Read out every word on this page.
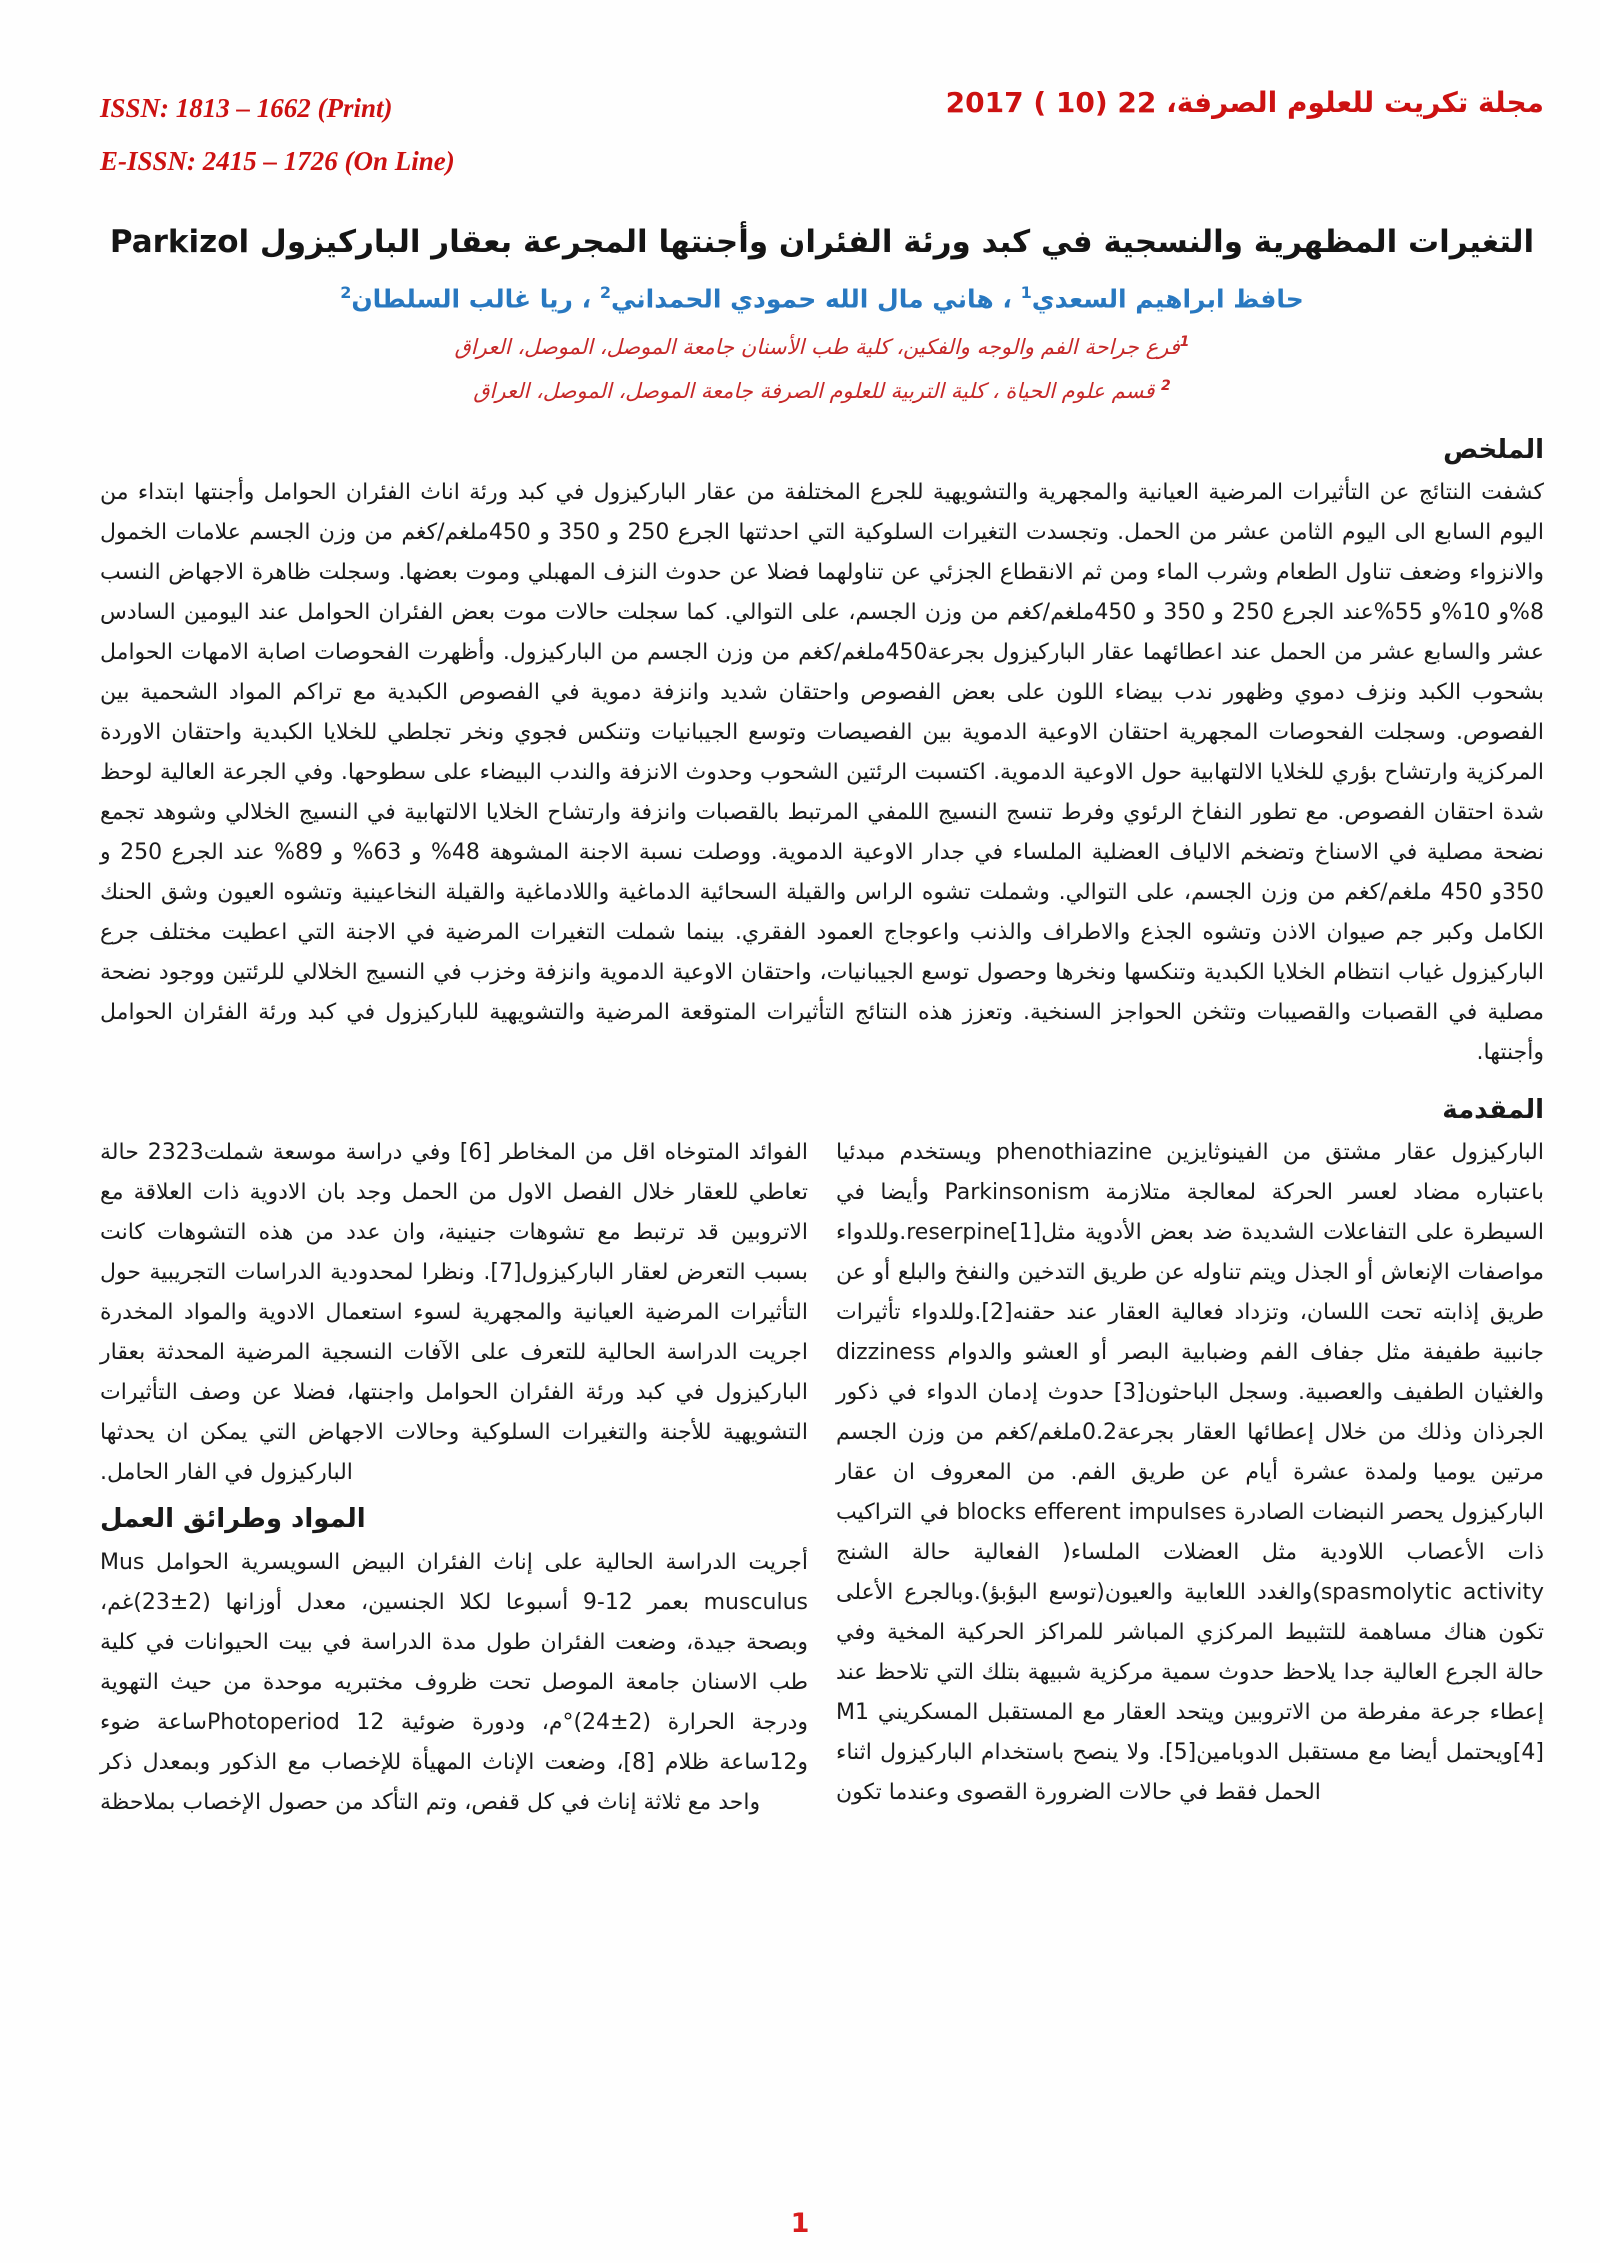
ISSN: 1813 – 1662 (Print)
E-ISSN: 2415 – 1726 (On Line)
مجلة تكريت للعلوم الصرفة، 22 (10 ) 2017
التغيرات المظهرية والنسجية في كبد ورئة الفئران وأجنتها المجرعة بعقار الباركيزول Parkizol
حافظ ابراهيم السعدي$^1$ ، هاني مال الله حمودي الحمداني$^2$ ، ريا غالب السلطان$^2$
$^1$فرع جراحة الفم والوجه والفكين، كلية طب الأسنان جامعة الموصل، الموصل، العراق
$^2$ قسم علوم الحياة ، كلية التربية للعلوم الصرفة جامعة الموصل، الموصل، العراق
الملخص

كشفت النتائج عن التأثيرات المرضية العيانية والمجهرية والتشويهية للجرع المختلفة من عقار الباركيزول في كبد ورئة اناث الفئران الحوامل وأجنتها ابتداء من اليوم السابع الى اليوم الثامن عشر من الحمل. وتجسدت التغيرات السلوكية التي احدثتها الجرع 250 و 350 و 450ملغم/كغم من وزن الجسم علامات الخمول والانزواء وضعف تناول الطعام وشرب الماء ومن ثم الانقطاع الجزئي عن تناولهما فضلا عن حدوث النزف المهبلي وموت بعضها. وسجلت ظاهرة الاجهاض النسب 8%و 10%و 55%عند الجرع 250 و 350 و 450ملغم/كغم من وزن الجسم، على التوالي. كما سجلت حالات موت بعض الفئران الحوامل عند اليومين السادس عشر والسابع عشر من الحمل عند اعطائهما عقار الباركيزول بجرعة450ملغم/كغم من وزن الجسم من الباركيزول. وأظهرت الفحوصات اصابة الامهات الحوامل بشحوب الكبد ونزف دموي وظهور ندب بيضاء اللون على بعض الفصوص واحتقان شديد وانزفة دموية في الفصوص الكبدية مع تراكم المواد الشحمية بين الفصوص. وسجلت الفحوصات المجهرية احتقان الاوعية الدموية بين الفصيصات وتوسع الجيبانيات وتنكس فجوي ونخر تجلطي للخلايا الكبدية واحتقان الاوردة المركزية وارتشاح بؤري للخلايا الالتهابية حول الاوعية الدموية. اكتسبت الرئتين الشحوب وحدوث الانزفة والندب البيضاء على سطوحها. وفي الجرعة العالية لوحظ شدة احتقان الفصوص. مع تطور النفاخ الرئوي وفرط تنسج النسيج اللمفي المرتبط بالقصبات وانزفة وارتشاح الخلايا الالتهابية في النسيج الخلالي وشوهد تجمع نضحة مصلية في الاسناخ وتضخم الالياف العضلية الملساء في جدار الاوعية الدموية. ووصلت نسبة الاجنة المشوهة 48% و 63% و 89% عند الجرع 250 و 350و 450 ملغم/كغم من وزن الجسم، على التوالي. وشملت تشوه الراس والقيلة السحائية الدماغية واللادماغية والقيلة النخاعينية وتشوه العيون وشق الحنك الكامل وكبر جم صيوان الاذن وتشوه الجذع والاطراف والذنب واعوجاج العمود الفقري. بينما شملت التغيرات المرضية في الاجنة التي اعطيت مختلف جرع الباركيزول غياب انتظام الخلايا الكبدية وتنكسها ونخرها وحصول توسع الجيبانيات، واحتقان الاوعية الدموية وانزفة وخزب في النسيج الخلالي للرئتين ووجود نضحة مصلية في القصبات والقصيبات وتثخن الحواجز السنخية. وتعزز هذه النتائج التأثيرات المتوقعة المرضية والتشويهية للباركيزول في كبد ورئة الفئران الحوامل وأجنتها.

المقدمة

الباركيزول عقار مشتق من الفينوثايزين phenothiazine ويستخدم مبدئيا باعتباره مضاد لعسر الحركة لمعالجة متلازمة Parkinsonism وأيضا في السيطرة على التفاعلات الشديدة ضد بعض الأدوية مثلreserpine[1].وللدواء مواصفات الإنعاش أو الجذل ويتم تناوله عن طريق التدخين والنفخ والبلع أو عن طريق إذابته تحت اللسان، وتزداد فعالية العقار عند حقنه[2].وللدواء تأثيرات جانبية طفيفة مثل جفاف الفم وضبابية البصر أو العشو والدوام dizziness والغثيان الطفيف والعصبية. وسجل الباحثون[3] حدوث إدمان الدواء في ذكور الجرذان وذلك من خلال إعطائها العقار بجرعة0.2ملغم/كغم من وزن الجسم مرتين يوميا ولمدة عشرة أيام عن طريق الفم. من المعروف ان عقار الباركيزول يحصر النبضات الصادرة blocks efferent impulses في التراكيب ذات الأعصاب اللاودية مثل العضلات الملساء( الفعالية حالة الشنج spasmolytic activity)والغدد اللعابية والعيون(توسع البؤبؤ).وبالجرع الأعلى تكون هناك مساهمة للتثبيط المركزي المباشر للمراكز الحركية المخية وفي حالة الجرع العالية جدا يلاحظ حدوث سمية مركزية شبيهة بتلك التي تلاحظ عند إعطاء جرعة مفرطة من الاتروبين ويتحد العقار مع المستقبل المسكريني M1 [4]ويحتمل أيضا مع مستقبل الدوبامين[5]. ولا ينصح باستخدام الباركيزول اثناء الحمل فقط في حالات الضرورة القصوى وعندما تكون

الفوائد المتوخاه اقل من المخاطر [6] وفي دراسة موسعة شملت2323 حالة تعاطي للعقار خلال الفصل الاول من الحمل وجد بان الادوية ذات العلاقة مع الاتروبين قد ترتبط مع تشوهات جنينية، وان عدد من هذه التشوهات كانت بسبب التعرض لعقار الباركيزول[7]. ونظرا لمحدودية الدراسات التجريبية حول التأثيرات المرضية العيانية والمجهرية لسوء استعمال الادوية والمواد المخدرة اجريت الدراسة الحالية للتعرف على الآفات النسجية المرضية المحدثة بعقار الباركيزول في كبد ورئة الفئران الحوامل واجنتها، فضلا عن وصف التأثيرات التشويهية للأجنة والتغيرات السلوكية وحالات الاجهاض التي يمكن ان يحدثها الباركيزول في الفار الحامل.

المواد وطرائق العمل

أجريت الدراسة الحالية على إناث الفئران البيض السويسرية الحوامل Mus musculus بعمر 12-9 أسبوعا لكلا الجنسين، معدل أوزانها (2±23)غم، وبصحة جيدة، وضعت الفئران طول مدة الدراسة في بيت الحيوانات في كلية طب الاسنان جامعة الموصل تحت ظروف مختبريه موحدة من حيث التهوية ودرجة الحرارة (2±24)°م، ودورة ضوئية Photoperiod 12ساعة ضوء و12ساعة ظلام [8]، وضعت الإناث المهيأة للإخصاب مع الذكور وبمعدل ذكر واحد مع ثلاثة إناث في كل قفص، وتم التأكد من حصول الإخصاب بملاحظة

1
